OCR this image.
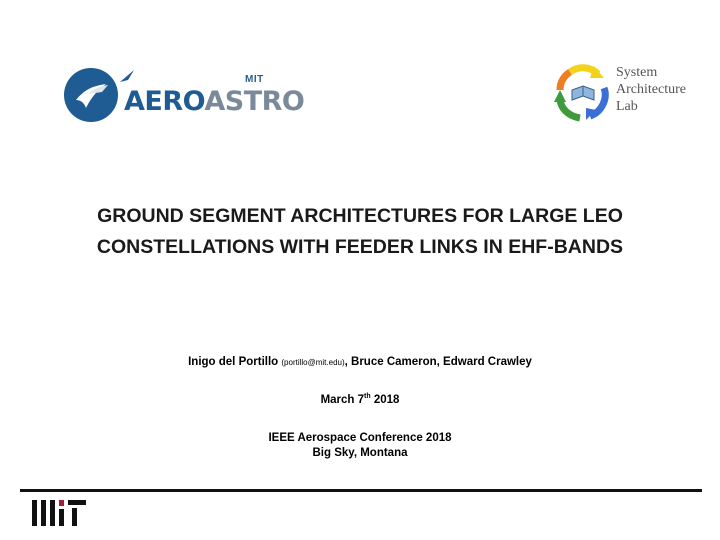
MIT
AEROASTRO
System
Architecture
Lab
GROUND SEGMENT ARCHITECTURES FOR LARGE LEO
CONSTELLATIONS WITH FEEDER LINKS IN EHF-BANDS
Inigo del Portillo (portillo@mit.edu), Bruce Cameron, Edward Crawley
March 7th 2018
IEEE Aerospace Conference 2018
Big Sky, Montana
